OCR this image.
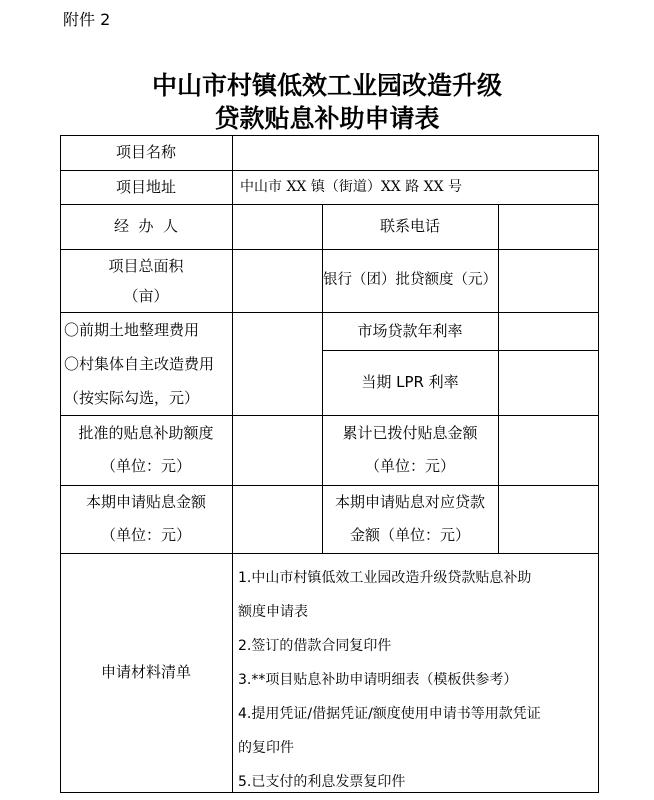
附件 2
中山市村镇低效工业园改造升级
贷款贴息补助申请表
项目名称
项目地址	中山市 XX 镇（街道）XX 路 XX 号
经  办  人	联系电话
项目总面积
（亩）
银行（团）批贷额度（元）
〇前期土地整理费用
〇村集体自主改造费用
（按实际勾选，元）
市场贷款年利率
当期 LPR 利率
批准的贴息补助额度
（单位：元）
累计已拨付贴息金额
（单位：元）
本期申请贴息金额
（单位：元）
本期申请贴息对应贷款
金额（单位：元）
申请材料清单
1.中山市村镇低效工业园改造升级贷款贴息补助
额度申请表
2.签订的借款合同复印件
3.**项目贴息补助申请明细表（模板供参考）
4.提用凭证/借据凭证/额度使用申请书等用款凭证
的复印件
5.已支付的利息发票复印件
